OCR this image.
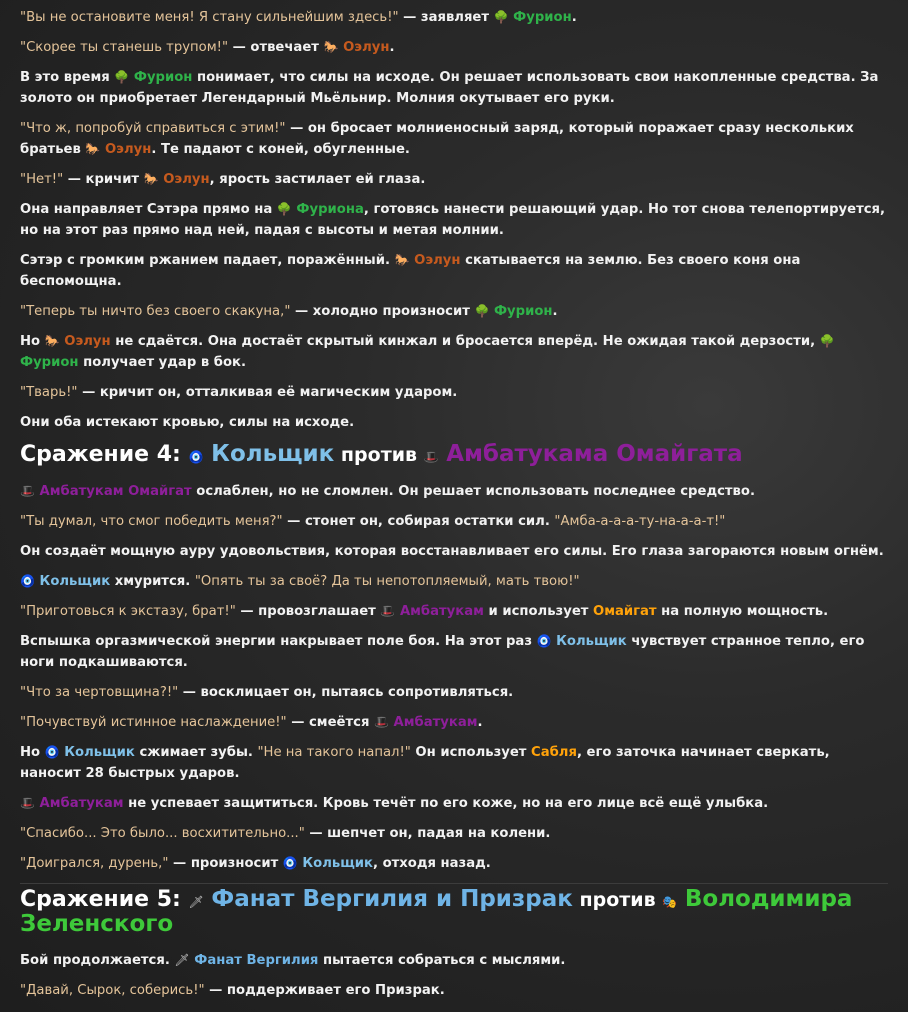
"Вы не остановите меня! Я стану сильнейшим здесь!" — заявляет 🌳 Фурион.

"Скорее ты станешь трупом!" — отвечает 🐎 Оэлун.

В это время 🌳 Фурион понимает, что силы на исходе. Он решает использовать свои накопленные средства. За золото он приобретает Легендарный Мьёльнир. Молния окутывает его руки.

"Что ж, попробуй справиться с этим!" — он бросает молниеносный заряд, который поражает сразу нескольких братьев 🐎 Оэлун. Те падают с коней, обугленные.

"Нет!" — кричит 🐎 Оэлун, ярость застилает ей глаза.

Она направляет Сэтэра прямо на 🌳 Фуриона, готовясь нанести решающий удар. Но тот снова телепортируется, но на этот раз прямо над ней, падая с высоты и метая молнии.

Сэтэр с громким ржанием падает, поражённый. 🐎 Оэлун скатывается на землю. Без своего коня она беспомощна.

"Теперь ты ничто без своего скакуна," — холодно произносит 🌳 Фурион.

Но 🐎 Оэлун не сдаётся. Она достаёт скрытый кинжал и бросается вперёд. Не ожидая такой дерзости, 🌳 Фурион получает удар в бок.

"Тварь!" — кричит он, отталкивая её магическим ударом.

Они оба истекают кровью, силы на исходе.

Сражение 4: 🧿 Кольщик против 🎩 Амбатукама Омайгата

🎩 Амбатукам Омайгат ослаблен, но не сломлен. Он решает использовать последнее средство.

"Ты думал, что смог победить меня?" — стонет он, собирая остатки сил. "Амба-а-а-а-ту-на-а-а-т!"

Он создаёт мощную ауру удовольствия, которая восстанавливает его силы. Его глаза загораются новым огнём.

🧿 Кольщик хмурится. "Опять ты за своё? Да ты непотопляемый, мать твою!"

"Приготовься к экстазу, брат!" — провозглашает 🎩 Амбатукам и использует Омайгат на полную мощность.

Вспышка оргазмической энергии накрывает поле боя. На этот раз 🧿 Кольщик чувствует странное тепло, его ноги подкашиваются.

"Что за чертовщина?!" — восклицает он, пытаясь сопротивляться.

"Почувствуй истинное наслаждение!" — смеётся 🎩 Амбатукам.

Но 🧿 Кольщик сжимает зубы. "Не на такого напал!" Он использует Сабля, его заточка начинает сверкать, наносит 28 быстрых ударов.

🎩 Амбатукам не успевает защититься. Кровь течёт по его коже, но на его лице всё ещё улыбка.

"Спасибо... Это было... восхитительно..." — шепчет он, падая на колени.

"Доигрался, дурень," — произносит 🧿 Кольщик, отходя назад.

Сражение 5: 🗡 Фанат Вергилия и Призрак против 🎭 Володимира Зеленского

Бой продолжается. 🗡 Фанат Вергилия пытается собраться с мыслями.

"Давай, Сырок, соберись!" — поддерживает его Призрак.
